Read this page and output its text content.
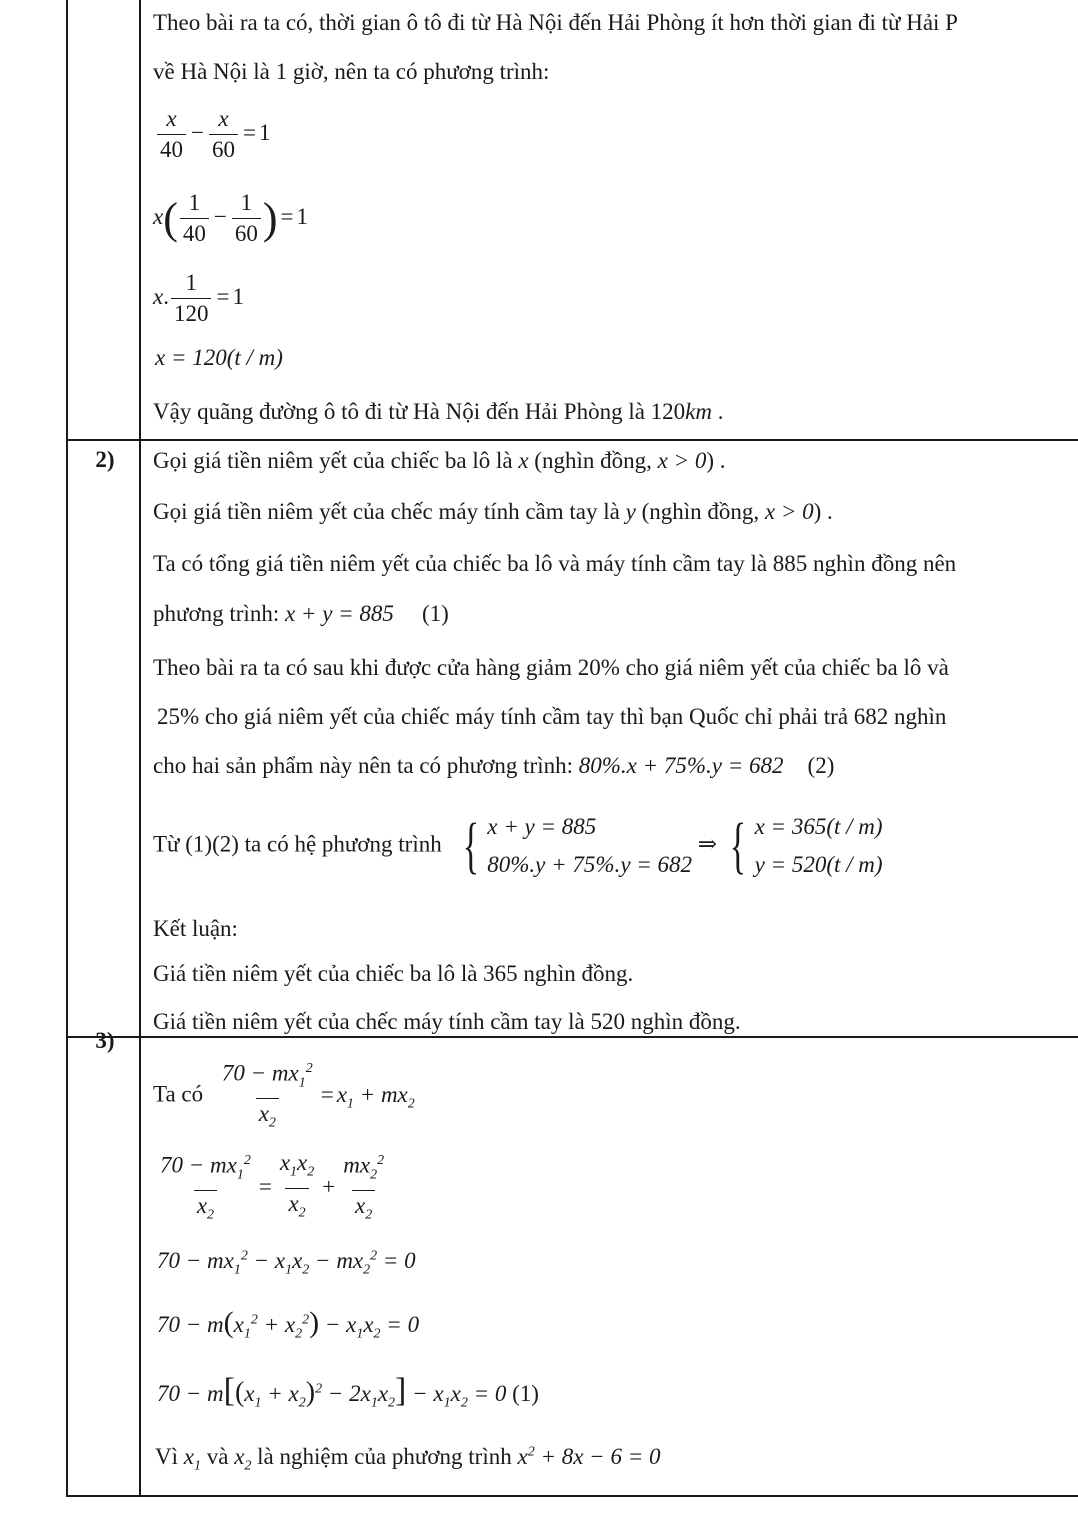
Theo bài ra ta có, thời gian ô tô đi từ Hà Nội đến Hải Phòng ít hơn thời gian đi từ Hải P
về Hà Nội là 1 giờ, nên ta có phương trình:
$\frac{x}{40} - \frac{x}{60} = 1$
$x( \frac{1}{40} - \frac{1}{60}$ ) = 1
x. $\frac{1}{120} = 1$
x = 120(t / m)
Vậy quãng đường ô tô đi từ Hà Nội đến Hải Phòng là 120km .
2)	Gọi giá tiền niêm yết của chiếc ba lô là x (nghìn đồng, x > 0) .
Gọi giá tiền niêm yết của chếc máy tính cầm tay là y (nghìn đồng, x > 0) .
Ta có tổng giá tiền niêm yết của chiếc ba lô và máy tính cầm tay là 885 nghìn đồng nên
phương trình: x + y = 885 (1)
Theo bài ra ta có sau khi được cửa hàng giảm 20% cho giá niêm yết của chiếc ba lô và
25% cho giá niêm yết của chiếc máy tính cầm tay thì bạn Quốc chỉ phải trả 682 nghìn
cho hai sản phẩm này nên ta có phương trình: 80%.x + 75%.y = 682 (2)
Từ (1)(2) ta có hệ phương trình { x + y = 885
80%.y + 75%.y = 682
⇒ { x = 365(t / m)
y = 520(t / m)
Kết luận:
Giá tiền niêm yết của chiếc ba lô là 365 nghìn đồng.
Giá tiền niêm yết của chếc máy tính cầm tay là 520 nghìn đồng.
3)
Ta có $\frac{70 - mx_1^2}{x_2} = x_1 + mx_2$
$\frac{70 - mx_1^2}{x_2} = \frac{x_1x_2}{x_2} + \frac{mx_2^2}{x_2}$
$70 - mx_1^2 - x_1x_2 - mx_2^2 = 0$
$70 - m(x_1^2 + x_2^2) - x_1x_2 = 0$
$70 - m[(x_1 + x_2)^2 - 2x_1x_2] - x_1x_2 = 0$ (1)
Vì $x_1$ và $x_2$ là nghiệm của phương trình $x^2 + 8x - 6 = 0$
